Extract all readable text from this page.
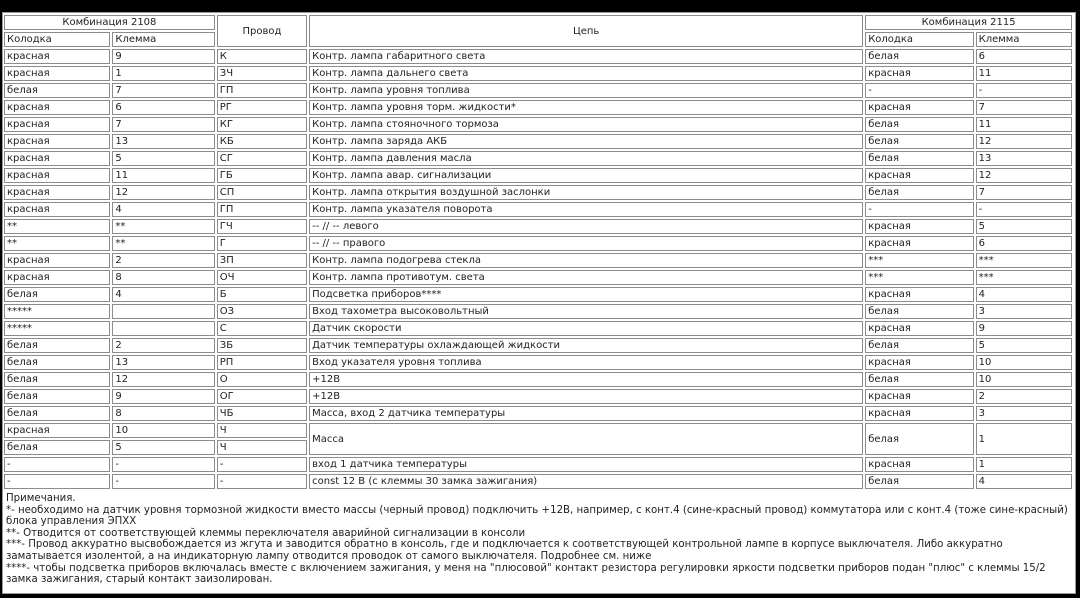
Комбинация 2108		Провод	Цепь	Комбинация 2115	
Колодка	Клемма			Колодка	Клемма
красная	9	К	Контр. лампа габаритного света	белая	6
красная	1	ЗЧ	Контр. лампа дальнего света	красная	11
белая	7	ГП	Контр. лампа уровня топлива	-	-
красная	6	РГ	Контр. лампа уровня торм. жидкости*	красная	7
красная	7	КГ	Контр. лампа стояночного тормоза	белая	11
красная	13	КБ	Контр. лампа заряда АКБ	белая	12
красная	5	СГ	Контр. лампа давления масла	белая	13
красная	11	ГБ	Контр. лампа авар. сигнализации	красная	12
красная	12	СП	Контр. лампа открытия воздушной заслонки	белая	7
красная	4	ГП	Контр. лампа указателя поворота	-	-
**	**	ГЧ	-- // -- левого	красная	5
**	**	Г	-- // -- правого	красная	6
красная	2	ЗП	Контр. лампа подогрева стекла	***	***
красная	8	ОЧ	Контр. лампа противотум. света	***	***
белая	4	Б	Подсветка приборов****	красная	4
*****		ОЗ	Вход тахометра высоковольтный	белая	3
*****		С	Датчик скорости	красная	9
белая	2	ЗБ	Датчик температуры охлаждающей жидкости	белая	5
белая	13	РП	Вход указателя уровня топлива	красная	10
белая	12	О	+12В	белая	10
белая	9	ОГ	+12В	красная	2
белая	8	ЧБ	Масса, вход 2 датчика температуры	красная	3
красная	10	Ч	Масса	белая	1
белая	5	Ч			
-	-	-	вход 1 датчика температуры	красная	1
-	-	-	const 12 В (с клеммы 30 замка зажигания)	белая	4
Примечания.
*- необходимо на датчик уровня тормозной жидкости вместо массы (черный провод) подключить +12В, например, с конт.4 (сине-красный провод) коммутатора или с конт.4 (тоже сине-красный) блока управления ЭПХХ
**- Отводится от соответствующей клеммы переключателя аварийной сигнализации в консоли
***- Провод аккуратно высвобождается из жгута и заводится обратно в консоль, где и подключается к соответствующей контрольной лампе в корпусе выключателя. Либо аккуратно заматывается изолентой, а на индикаторную лампу отводится проводок от самого выключателя. Подробнее см. ниже
****- чтобы подсветка приборов включалась вместе с включением зажигания, у меня на "плюсовой" контакт резистора регулировки яркости подсветки приборов подан "плюс" с клеммы 15/2 замка зажигания, старый контакт заизолирован.
